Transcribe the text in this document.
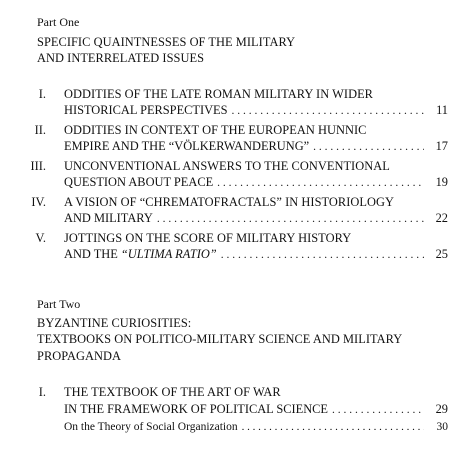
Part One
SPECIFIC QUAINTNESSES OF THE MILITARY
AND INTERRELATED ISSUES
I. ODDITIES OF THE LATE ROMAN MILITARY IN WIDER
HISTORICAL PERSPECTIVES . . .	11
II. ODDITIES IN CONTEXT OF THE EUROPEAN HUNNIC
EMPIRE AND THE “VÖLKERWANDERUNG” . . .	17
III. UNCONVENTIONAL ANSWERS TO THE CONVENTIONAL
QUESTION ABOUT PEACE . . .	19
IV. A VISION OF “CHREMATOFRACTALS” IN HISTORIOLOGY
AND MILITARY . . .	22
V. JOTTINGS ON THE SCORE OF MILITARY HISTORY
AND THE “ULTIMA RATIO” . . .	25
Part Two
BYZANTINE CURIOSITIES:
TEXTBOOKS ON POLITICO-MILITARY SCIENCE AND MILITARY
PROPAGANDA
I. THE TEXTBOOK OF THE ART OF WAR
IN THE FRAMEWORK OF POLITICAL SCIENCE . . .	29
On the Theory of Social Organization . . .	30
